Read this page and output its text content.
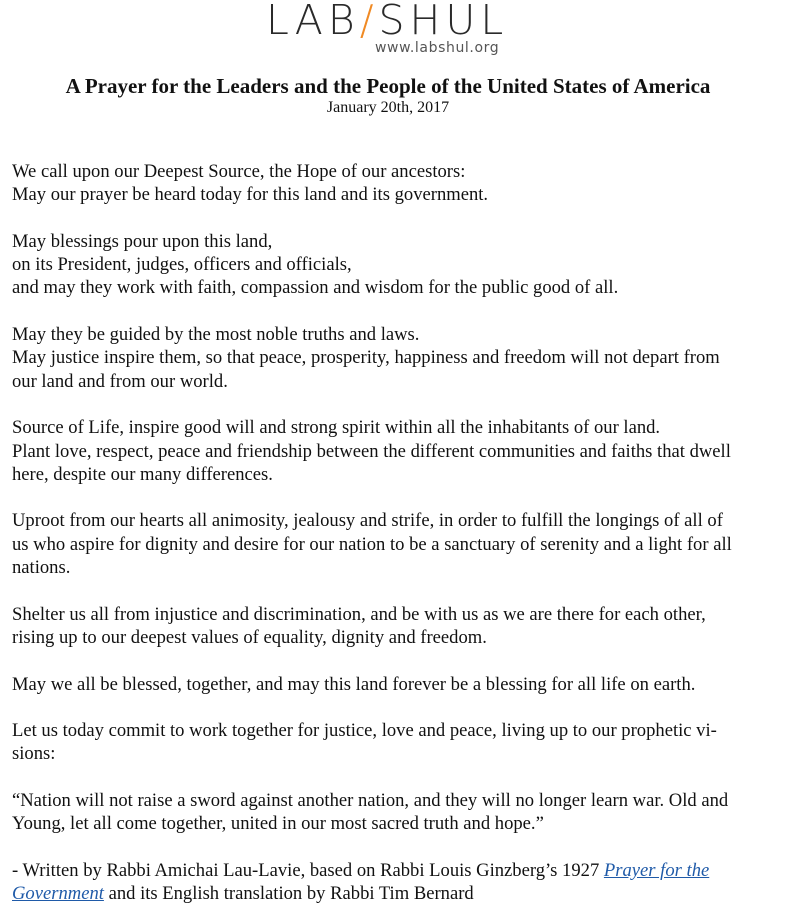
LAB/SHUL
www.labshul.org
A Prayer for the Leaders and the People of the United States of America
January 20th, 2017

We call upon our Deepest Source, the Hope of our ancestors:
May our prayer be heard today for this land and its government.

May blessings pour upon this land,
on its President, judges, officers and officials,
and may they work with faith, compassion and wisdom for the public good of all.

May they be guided by the most noble truths and laws.
May justice inspire them, so that peace, prosperity, happiness and freedom will not depart from
our land and from our world.

Source of Life, inspire good will and strong spirit within all the inhabitants of our land.
Plant love, respect, peace and friendship between the different communities and faiths that dwell
here, despite our many differences.

Uproot from our hearts all animosity, jealousy and strife, in order to fulfill the longings of all of
us who aspire for dignity and desire for our nation to be a sanctuary of serenity and a light for all
nations.

Shelter us all from injustice and discrimination, and be with us as we are there for each other,
rising up to our deepest values of equality, dignity and freedom.

May we all be blessed, together, and may this land forever be a blessing for all life on earth.

Let us today commit to work together for justice, love and peace, living up to our prophetic vi-
sions:

“Nation will not raise a sword against another nation, and they will no longer learn war. Old and
Young, let all come together, united in our most sacred truth and hope.”

- Written by Rabbi Amichai Lau-Lavie, based on Rabbi Louis Ginzberg’s 1927 Prayer for the
Government and its English translation by Rabbi Tim Bernard
